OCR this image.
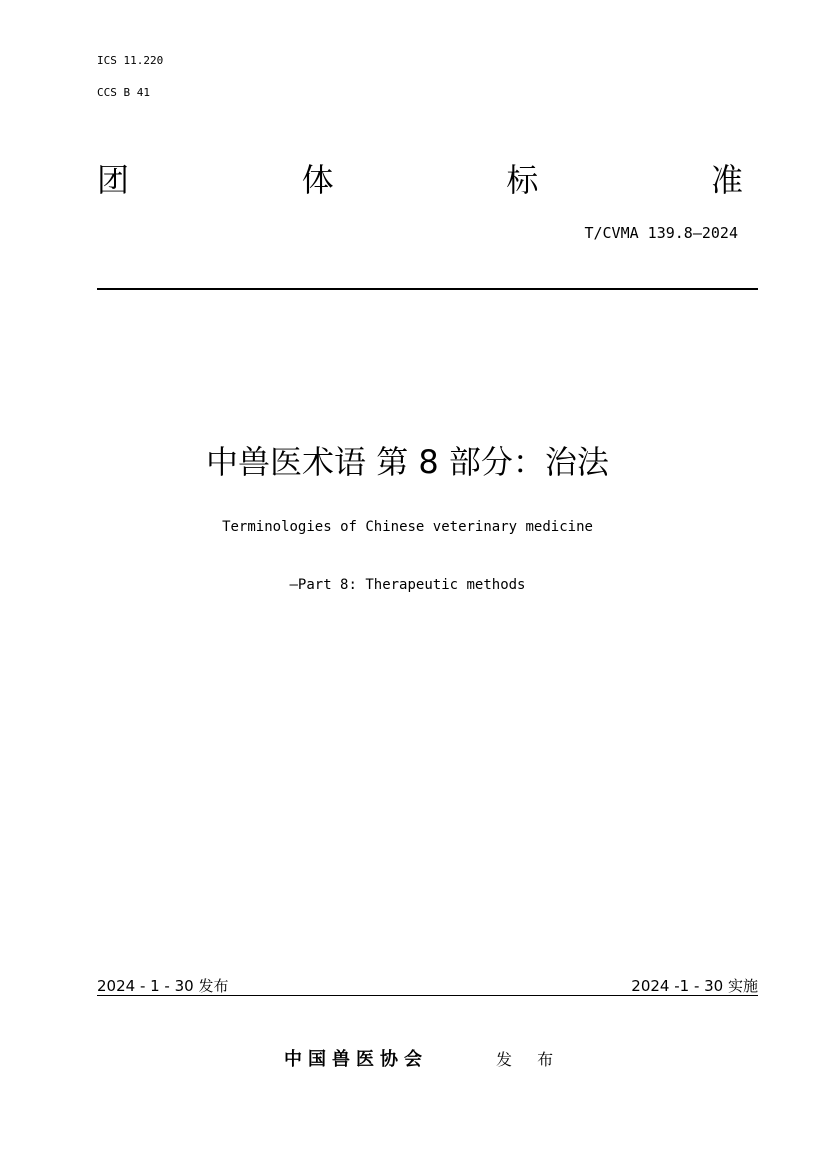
ICS 11.220
CCS B 41
团	体	标	准
T/CVMA 139.8—2024
中兽医术语 第 8 部分：治法
Terminologies of Chinese veterinary medicine
—Part 8: Therapeutic methods
2024 - 1 - 30 发布	2024 -1 - 30 实施
中国兽医协会	发 布
